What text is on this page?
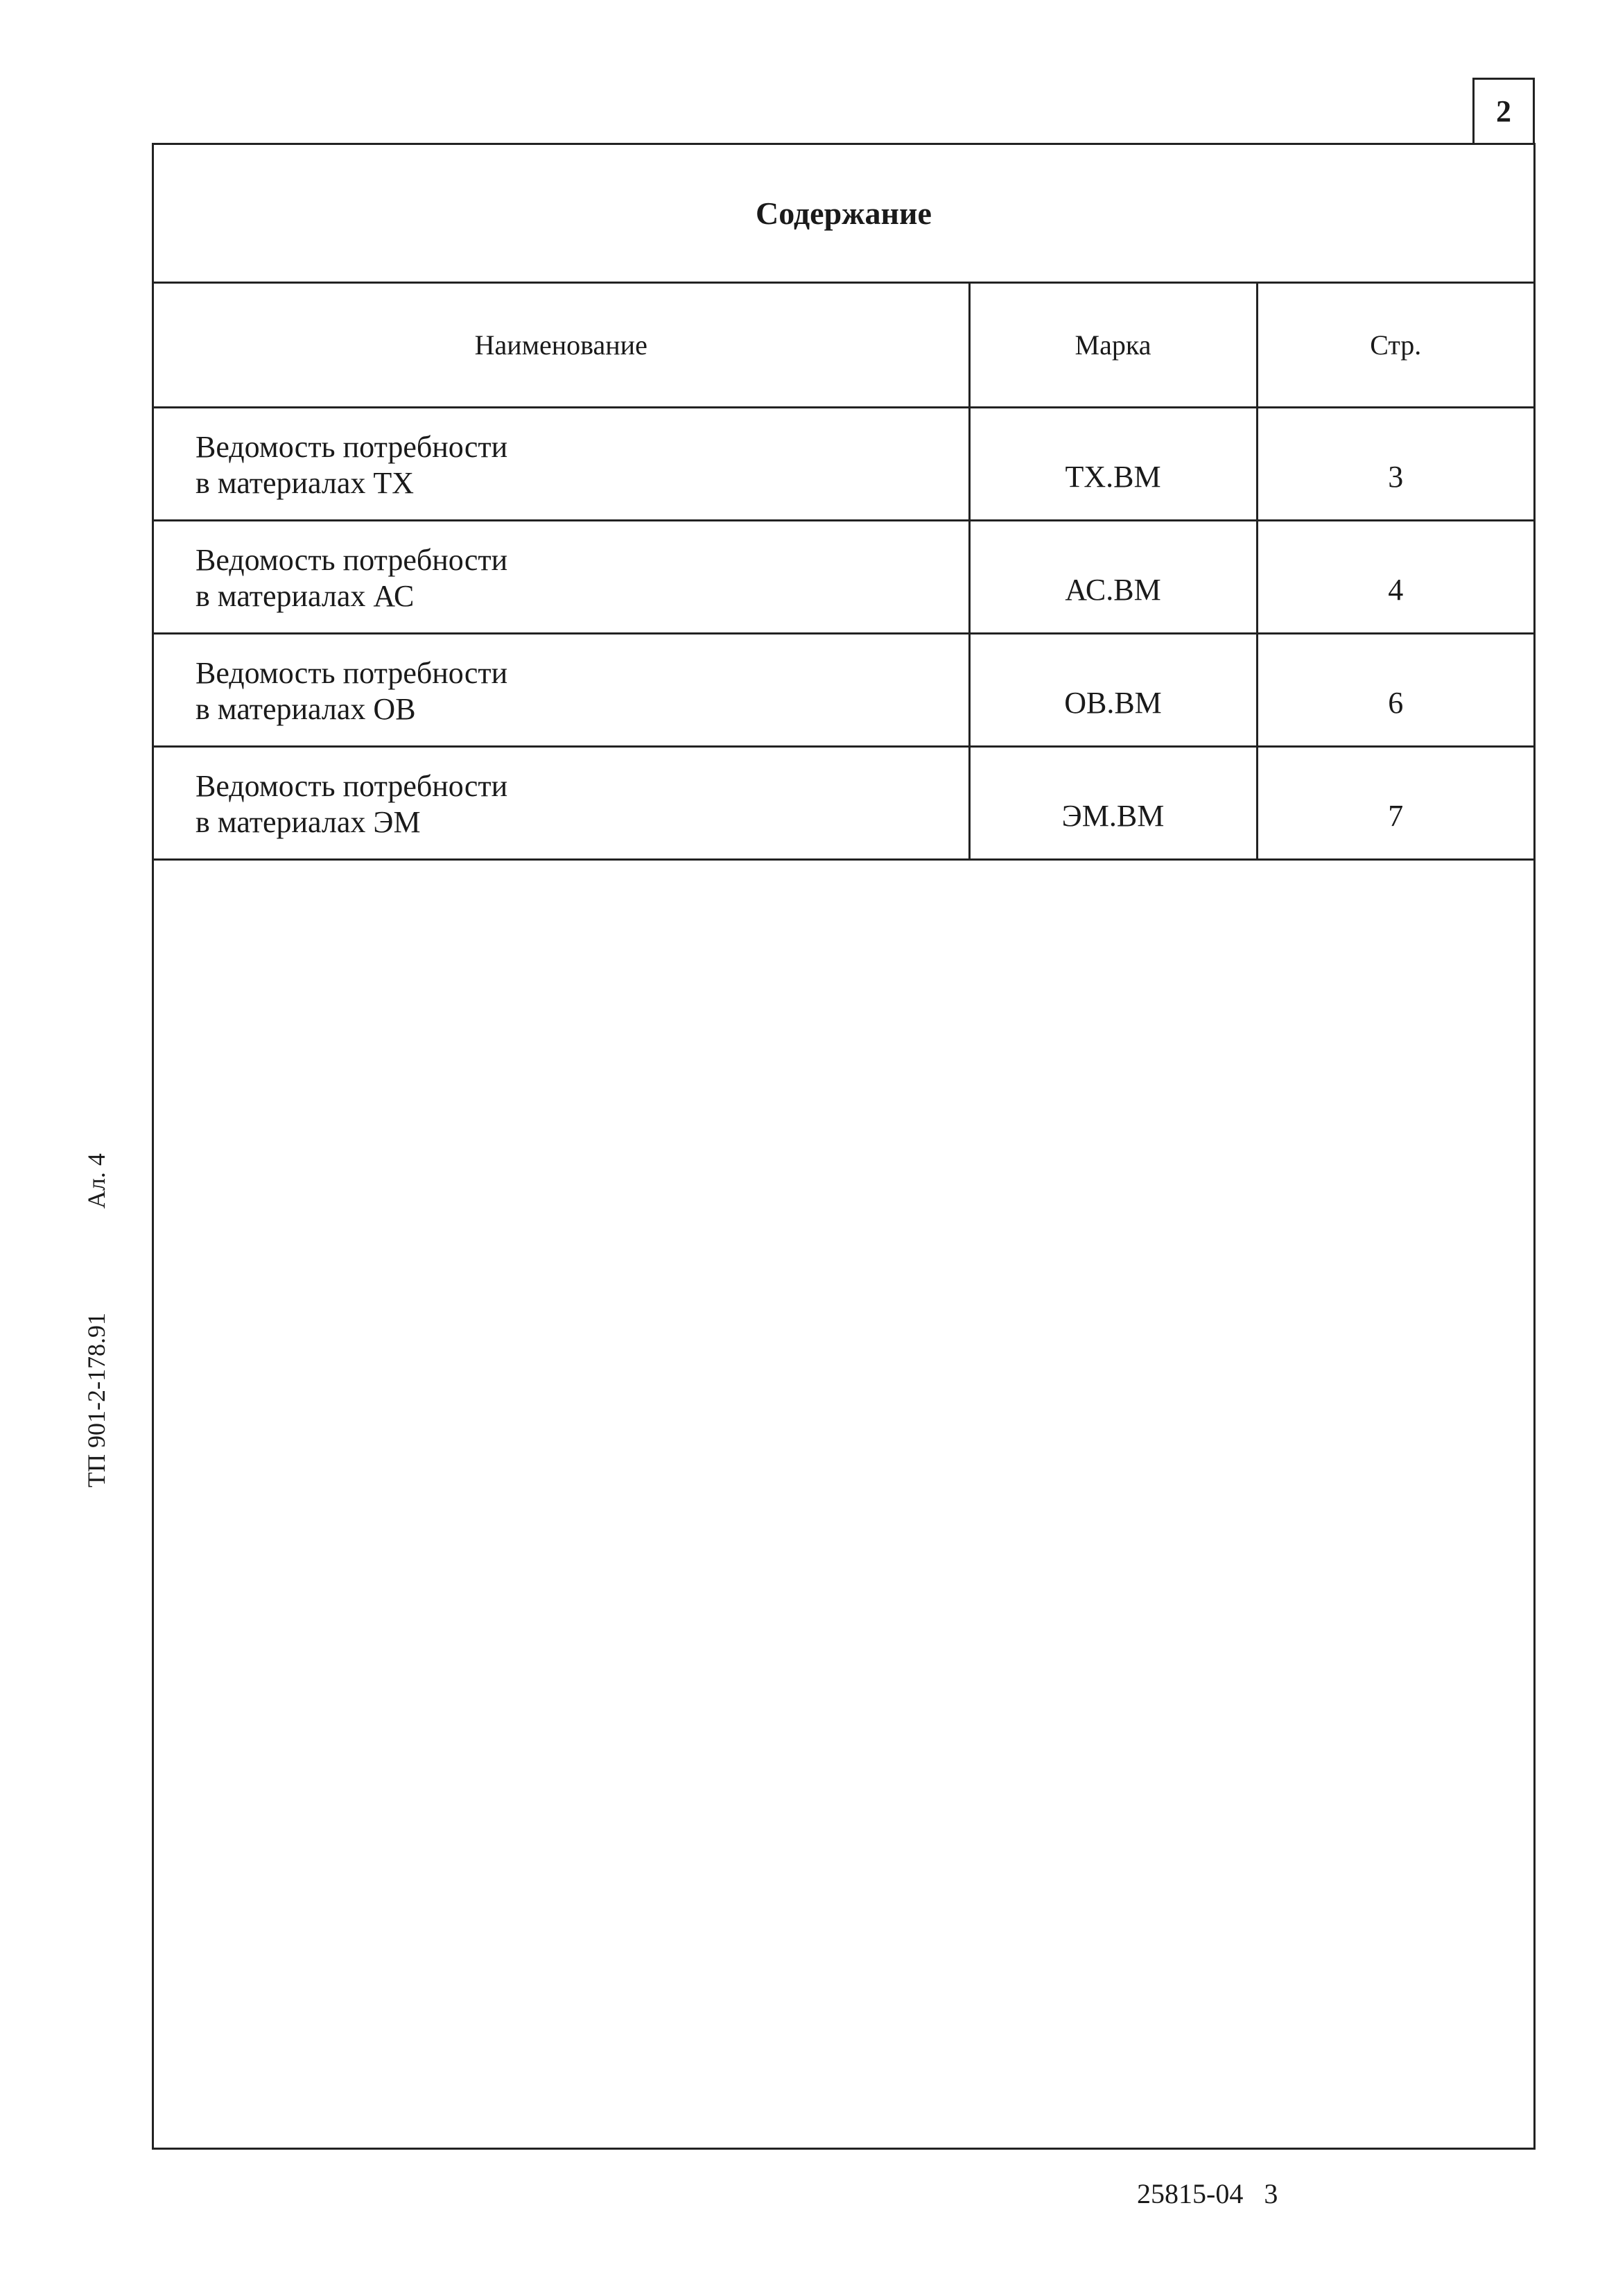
2
Содержание
Наименование	Марка	Стр.

Ведомость потребности
в материалах ТХ	ТХ.ВМ	3

Ведомость потребности
в материалах АС	АС.ВМ	4

Ведомость потребности
в материалах ОВ	ОВ.ВМ	6

Ведомость потребности
в материалах ЭМ	ЭМ.ВМ	7
ТП 901-2-178.91Ал. 4
25815-04 3
